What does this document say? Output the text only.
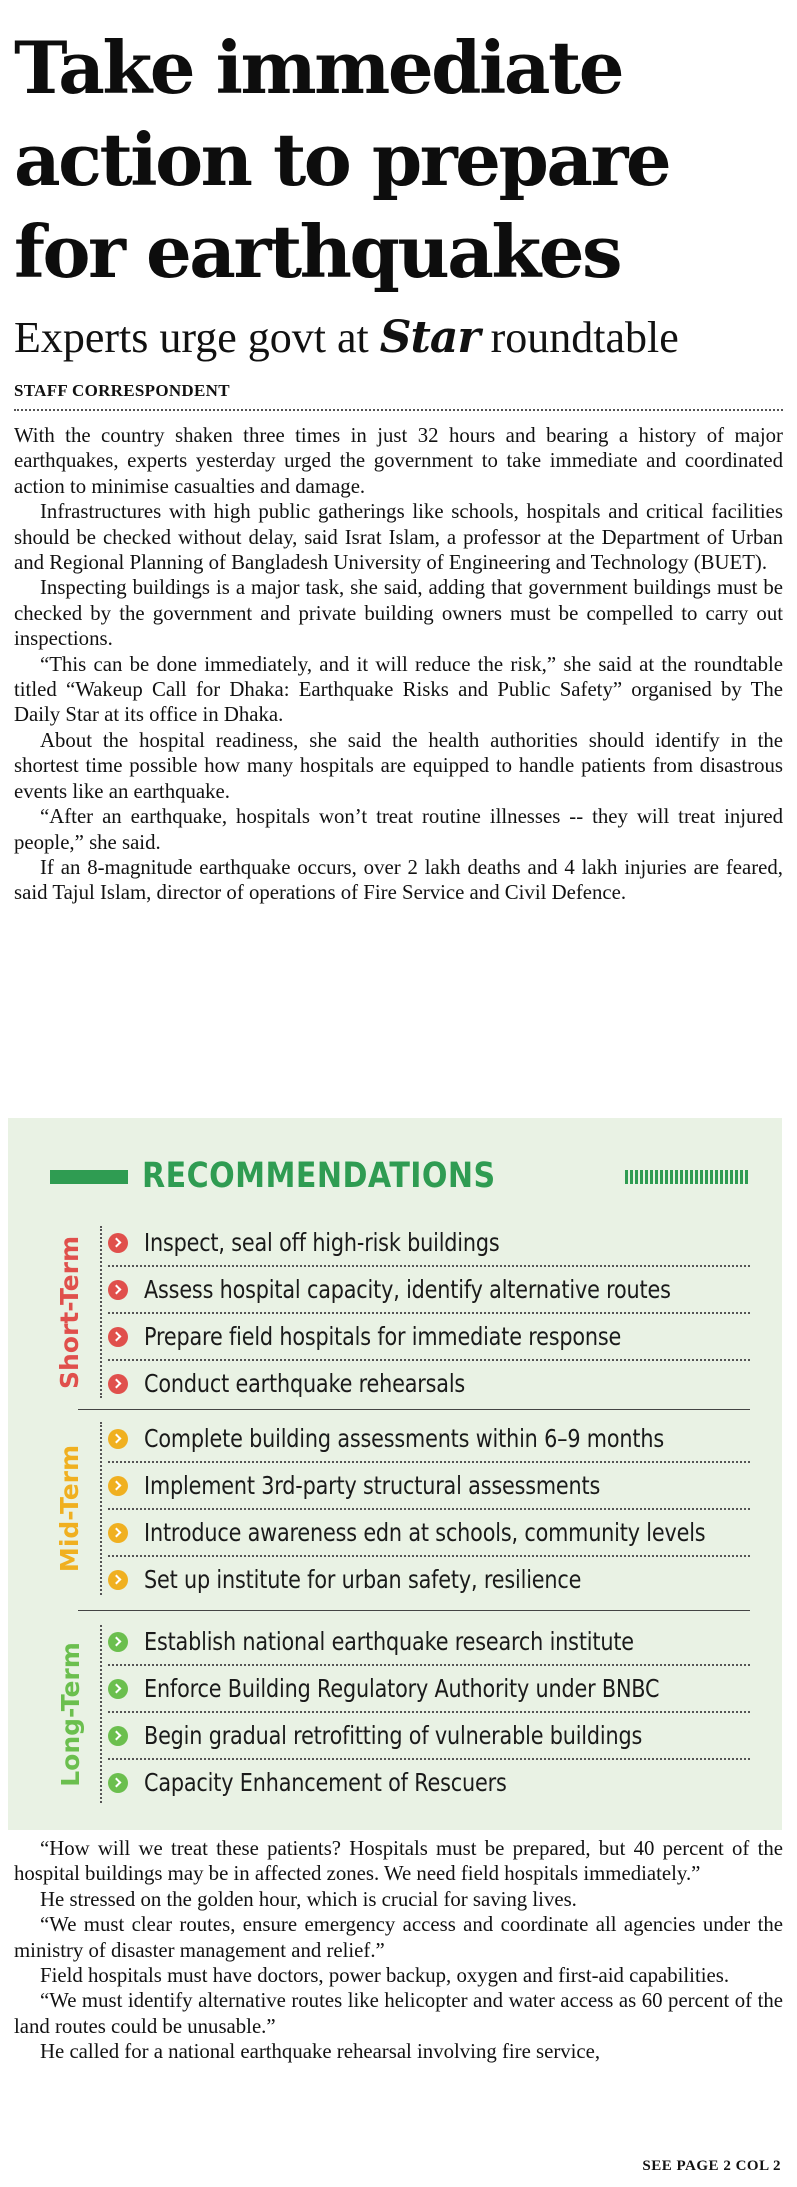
Take immediate
action to prepare
for earthquakes
Experts urge govt at Star roundtable
STAFF CORRESPONDENT

With the country shaken three times in just 32 hours and bearing a history of major earthquakes, experts yesterday urged the government to take immediate and coordinated action to minimise casualties and damage.

Infrastructures with high public gatherings like schools, hospitals and critical facilities should be checked without delay, said Israt Islam, a professor at the Department of Urban and Regional Planning of Bangladesh University of Engineering and Technology (BUET).

Inspecting buildings is a major task, she said, adding that government buildings must be checked by the government and private building owners must be compelled to carry out inspections.

“This can be done immediately, and it will reduce the risk,” she said at the roundtable titled “Wakeup Call for Dhaka: Earthquake Risks and Public Safety” organised by The Daily Star at its office in Dhaka.

About the hospital readiness, she said the health authorities should identify in the shortest time possible how many hospitals are equipped to handle patients from disastrous events like an earthquake.

“After an earthquake, hospitals won’t treat routine illnesses -- they will treat injured people,” she said.

If an 8-magnitude earthquake occurs, over 2 lakh deaths and 4 lakh injuries are feared, said Tajul Islam, director of operations of Fire Service and Civil Defence.

RECOMMENDATIONS
Short-Term Inspect, seal off high-risk buildings
Assess hospital capacity, identify alternative routes
Prepare field hospitals for immediate response
Conduct earthquake rehearsals
Mid-Term
Complete building assessments within 6–9 months
Implement 3rd-party structural assessments
Introduce awareness edn at schools, community levels
Set up institute for urban safety, resilience
Long-Term
Establish national earthquake research institute
Enforce Building Regulatory Authority under BNBC
Begin gradual retrofitting of vulnerable buildings
Capacity Enhancement of Rescuers

“How will we treat these patients? Hospitals must be prepared, but 40 percent of the hospital buildings may be in affected zones. We need field hospitals immediately.”

He stressed on the golden hour, which is crucial for saving lives.

“We must clear routes, ensure emergency access and coordinate all agencies under the ministry of disaster management and relief.”

Field hospitals must have doctors, power backup, oxygen and first-aid capabilities.

“We must identify alternative routes like helicopter and water access as 60 percent of the land routes could be unusable.”

He called for a national earthquake rehearsal involving fire service,

SEE PAGE 2 COL 2
